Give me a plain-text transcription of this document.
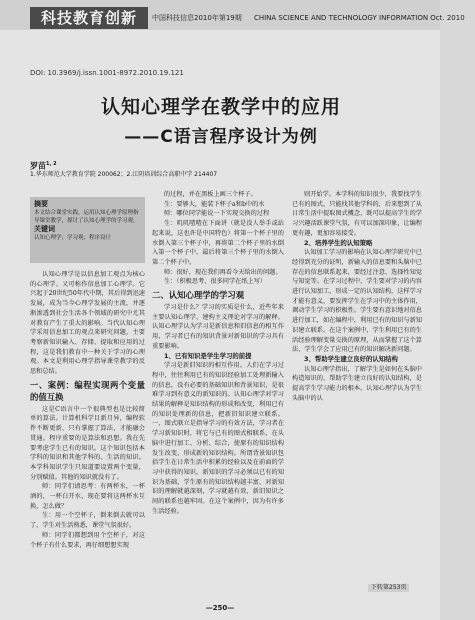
科技教育创新	中国科技信息2010年第19期 CHINA SCIENCE AND TECHNOLOGY INFORMATION Oct. 2010
DOI: 10.3969/j.issn.1001-8972.2010.19.121
认知心理学在教学中的应用
——C语言程序设计为例
罗苗$^{1, 2}$
1.华东师范大学教育学院 200062；2.江阴培训综合高职中学 214407
摘要
本文结合课堂实践，运用认知心理学原理指导课堂教学，探讨了认知心理学的学习观。
关键词
认知心理学；学习观；程序设计

认知心理学是以信息加工观点为核心的心理学。又可称作信息加工心理学。它兴起于20世纪50年代中期，其后得到迅速发展，成为当今心理学发展的主流，并逐渐渗透到社会生活各个领域的研究中尤其对教育产生了重大的影响。当代认知心理学采用信息加工的观点来研究问题，主要考察新知识输入、存储、提取和应用的过程，这是我们教育中一种关于学习的心理观。本文是利用心理学指导课堂教学的反思和总结。

一、案例：编程实现两个变量的值互换

这是C语言中一个很典型也是比较简单的算法。计算机科学目新月异，编程软件不断更新，只有掌握了算法，才能融会贯通。程序重要的是算法和思想。我在先要考虑学生已有的知识。这个知识包括本学科的知识和其他学科的、生活的知识。本学科知识学生只知道要设置两个变量，分别赋值。其他的知识就没有了。

师：同学们请思考：有两杯水，一杯酒的，一杯白开水，现在要将这两杯水互换，怎么做？

生：用一个空杯子，倒来倒去就可以了，学生对生活熟悉，课堂气氛很好。

师：同学们都想到用个空杯子，对这个杯子有什么要求，再仔细想想实现

的过程，并在黑板上画三个杯子。

生：要够大，能装下杯子a和b中的水

师：哪位同学能说一下实现交换的过程

生：叽叽喳喳在下面讲（就是没人举手或站起来说，这也许是中国特色）将第一个杯子里的水倒入第三个杯子中，再将第二个杯子里的水倒入第一个杯子中，最后将第三个杯子里的水倒入第二个杯子中。

师：很好，现在我们再看今天给出的问题。

生：（积极思考，很多同学在纸上写）

二、认知心理学的学习观

学习是什么？学习的实质是什么，近些年来主要认知心理学、建构主义理论对学习的解释。认知心理学认为学习是新信息和旧信息的相互作用，学习者已有的知识背景对新知识的学习具有重要影响。

1、已有知识是学生学习的前提

学习是新旧知识的相互作用。人们在学习过程中，往往利用已有的知识经验加工处理新输入的信息，没有必要的基础知识和背景知识，是很难学习到有意义的新知识的。认知心理学对学习结果的解释是知识结构的形成和改变，利用已有的知识处理新的信息，把新旧知识建立联系。一、图式联立是指导学习的有效方法，学习者在学习新知识时，将它与已有的图式相联系，在头脑中进行加工、分析、综合，使原有的知识结构发生改变，形成新的知识结构。所谓背景知识包括学生在日常生活中积累的经验以及在前面的学习中获得的知识。新知识的学习必须以已有的知识为基础，学生原有的知识结构越丰富，对新知识的理解就越深刻，学习就越有效，新旧知识之间的联系也越牢固。在这个案例中，因为有许多生活经验。

则开始学。本学科的知识很少，我要找学生已有的图式，只能找其他学科的，后来想到了从日常生活中提取图式概念，既可以提高学生的学习兴趣活跃课堂气氛，有可以加深印象，让编程更有趣，更加容易接受。

2、培养学生的认知策略

认知加工学习的影响在认知心理学研究中已经得到充分的证明，新输入的信息要和头脑中已存在的信息联系起来，要经过注意、选择性知觉与知觉等。在学习过程中，学生要对学习的内容进行认知加工，形成一定的认知结构，这样学习才能有意义，要发挥学生在学习中的主体作用，调动学生学习的积极性。学生要有意识地对信息进行加工，如在编程中，利用已有的知识与新知识建立联系。在这个案例中，学生利用已有的生活经验理解变量交换的原理，从而掌握了这个算法，学生学会了应用已有的知识解决新问题。

3、帮助学生建立良好的认知结构

认知心理学指出，了解学生是如何在头脑中构造知识的，帮助学生建立良好的认知结构，是提高学生学习能力的根本。认知心理学认为学生头脑中的认

下转第253页
—250—
